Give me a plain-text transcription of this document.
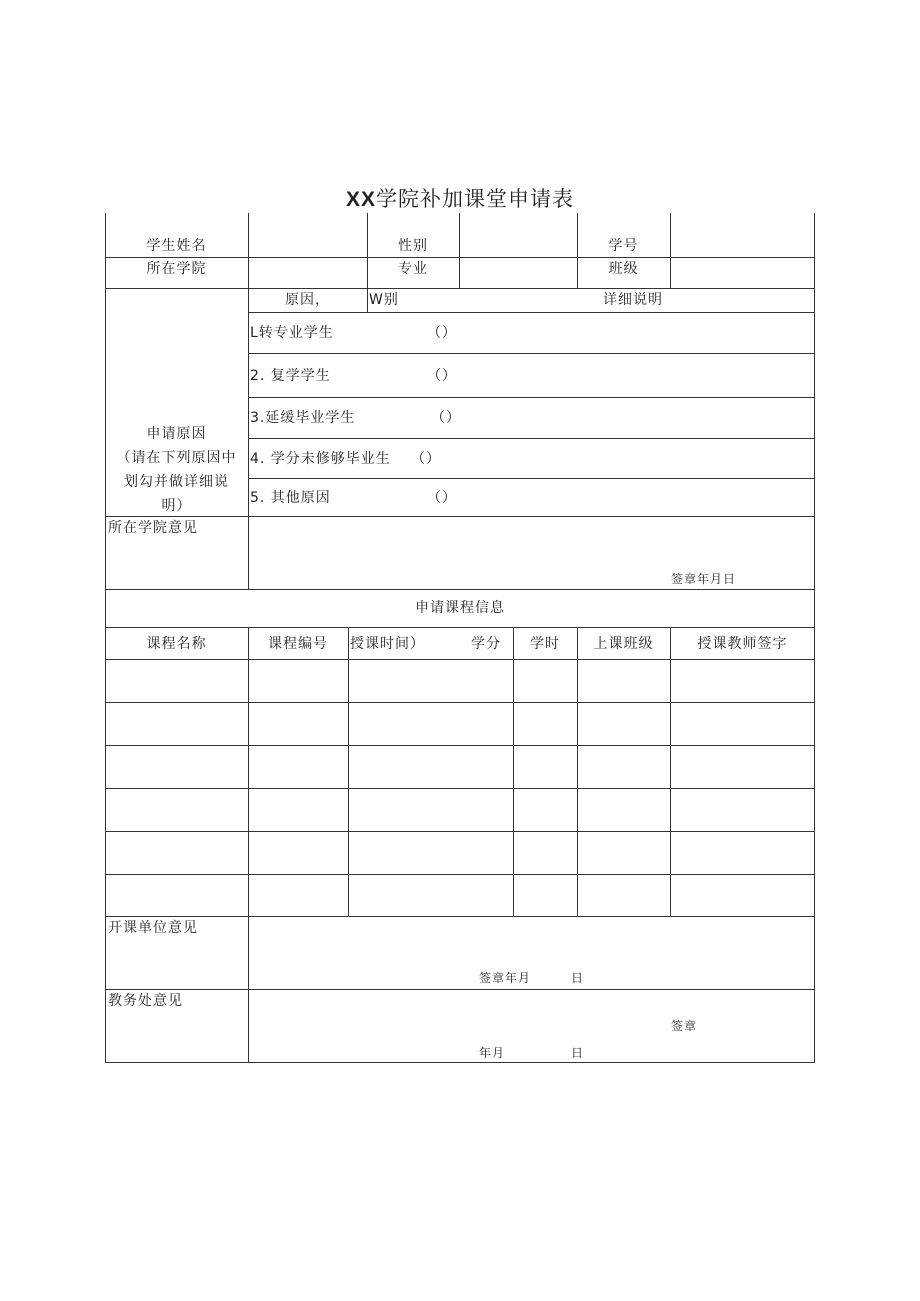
XX学院补加课堂申请表
学生姓名	性别	学号
所在学院	专业	班级
申请原因
（请在下列原因中
划勾并做详细说
明）
原因，	W别	详细说明
L转专业学生	（）
2. 复学学生	（）
3.延缓毕业学生	（）
4. 学分未修够毕业生 （）
5. 其他原因	（）
所在学院意见
签章年月日
申请课程信息
课程名称	课程编号	授课时间）	学分	学时	上课班级	授课教师签字
开课单位意见
签章年月	日
教务处意见
签章
年月	日
